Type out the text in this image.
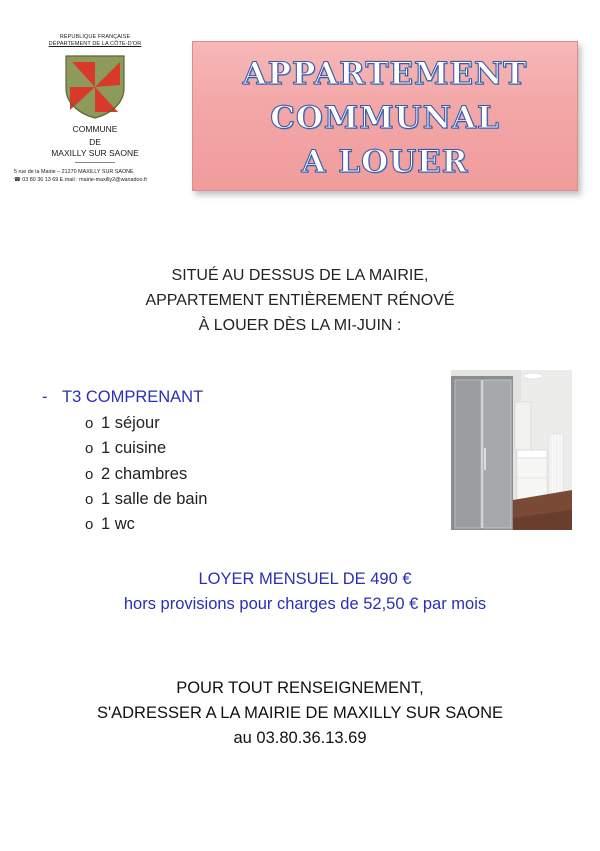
RÉPUBLIQUE FRANÇAISE
DÉPARTEMENT DE LA CÔTE-D'OR
COMMUNE
DE
MAXILLY SUR SAONE
5 rue de la Mairie – 21270 MAXILLY SUR SAONE
☎ 03 80 36 13 69 E.mail : mairie-maxilly2@wanadoo.fr
APPARTEMENT
COMMUNAL
A LOUER
SITUÉ AU DESSUS DE LA MAIRIE,
APPARTEMENT ENTIÈREMENT RÉNOVÉ
À LOUER DÈS LA MI-JUIN :
- T3 COMPRENANT
o 1 séjour
o 1 cuisine
o 2 chambres
o 1 salle de bain
o 1 wc
LOYER MENSUEL DE 490 €
hors provisions pour charges de 52,50 € par mois
POUR TOUT RENSEIGNEMENT,
S'ADRESSER A LA MAIRIE DE MAXILLY SUR SAONE
au 03.80.36.13.69
